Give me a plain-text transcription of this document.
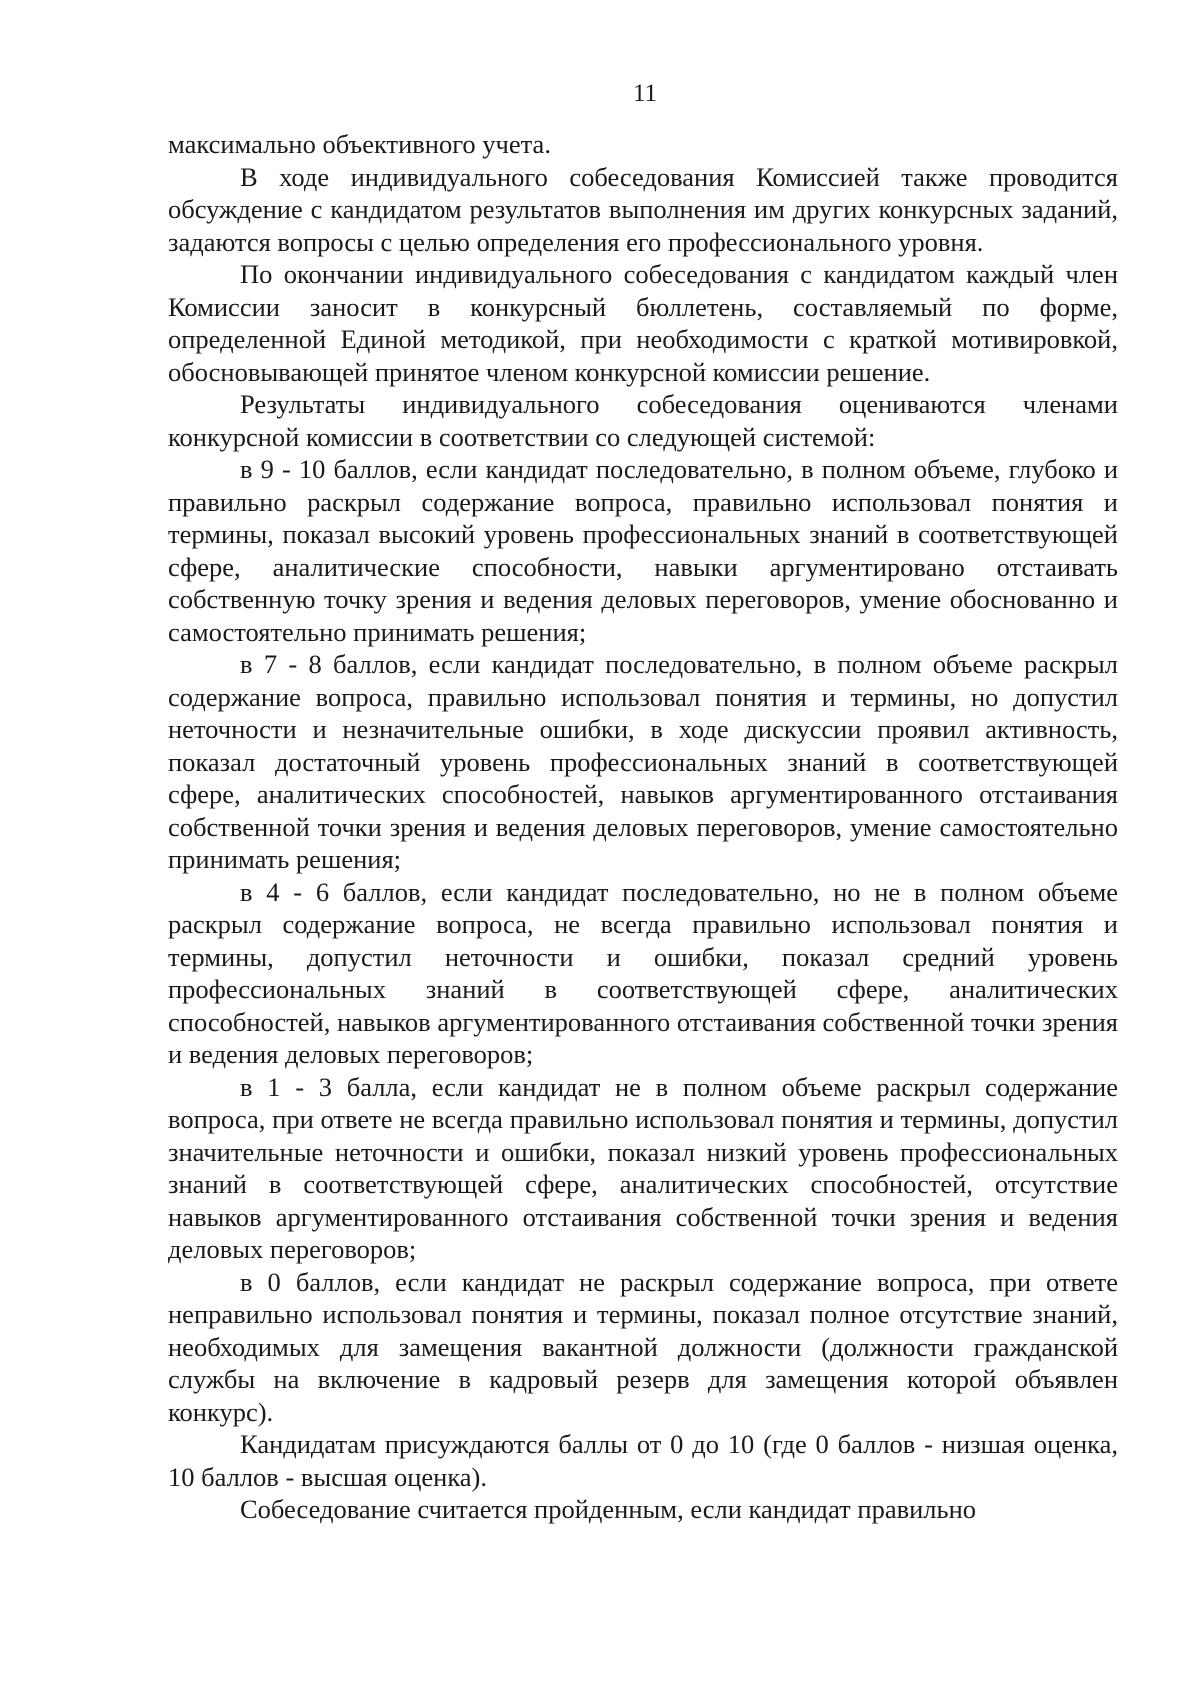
11

максимально объективного учета.

В ходе индивидуального собеседования Комиссией также проводится обсуждение с кандидатом результатов выполнения им других конкурсных заданий, задаются вопросы с целью определения его профессионального уровня.

По окончании индивидуального собеседования с кандидатом каждый член Комиссии заносит в конкурсный бюллетень, составляемый по форме, определенной Единой методикой, при необходимости с краткой мотивировкой, обосновывающей принятое членом конкурсной комиссии решение.

Результаты индивидуального собеседования оцениваются членами конкурсной комиссии в соответствии со следующей системой:

в 9 - 10 баллов, если кандидат последовательно, в полном объеме, глубоко и правильно раскрыл содержание вопроса, правильно использовал понятия и термины, показал высокий уровень профессиональных знаний в соответствующей сфере, аналитические способности, навыки аргументировано отстаивать собственную точку зрения и ведения деловых переговоров, умение обоснованно и самостоятельно принимать решения;

в 7 - 8 баллов, если кандидат последовательно, в полном объеме раскрыл содержание вопроса, правильно использовал понятия и термины, но допустил неточности и незначительные ошибки, в ходе дискуссии проявил активность, показал достаточный уровень профессиональных знаний в соответствующей сфере, аналитических способностей, навыков аргументированного отстаивания собственной точки зрения и ведения деловых переговоров, умение самостоятельно принимать решения;

в 4 - 6 баллов, если кандидат последовательно, но не в полном объеме раскрыл содержание вопроса, не всегда правильно использовал понятия и термины, допустил неточности и ошибки, показал средний уровень профессиональных знаний в соответствующей сфере, аналитических способностей, навыков аргументированного отстаивания собственной точки зрения и ведения деловых переговоров;

в 1 - 3 балла, если кандидат не в полном объеме раскрыл содержание вопроса, при ответе не всегда правильно использовал понятия и термины, допустил значительные неточности и ошибки, показал низкий уровень профессиональных знаний в соответствующей сфере, аналитических способностей, отсутствие навыков аргументированного отстаивания собственной точки зрения и ведения деловых переговоров;

в 0 баллов, если кандидат не раскрыл содержание вопроса, при ответе неправильно использовал понятия и термины, показал полное отсутствие знаний, необходимых для замещения вакантной должности (должности гражданской службы на включение в кадровый резерв для замещения которой объявлен конкурс).

Кандидатам присуждаются баллы от 0 до 10 (где 0 баллов - низшая оценка, 10 баллов - высшая оценка).

Собеседование считается пройденным, если кандидат правильно
